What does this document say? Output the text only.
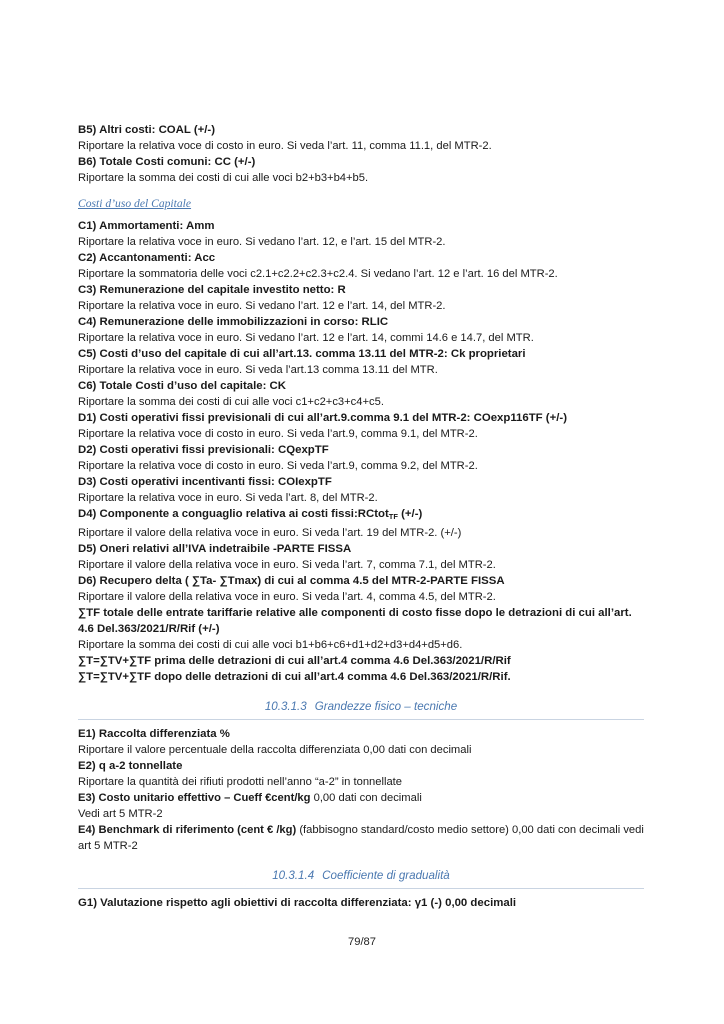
B5) Altri costi: COAL (+/-)
Riportare la relativa voce di costo in euro. Si veda l’art. 11, comma 11.1, del MTR-2.
B6) Totale Costi comuni: CC (+/-)
Riportare la somma dei costi di cui alle voci b2+b3+b4+b5.
Costi d’uso del Capitale
C1) Ammortamenti: Amm
Riportare la relativa voce in euro. Si vedano l’art. 12, e l’art. 15 del MTR-2.
C2) Accantonamenti: Acc
Riportare la sommatoria delle voci c2.1+c2.2+c2.3+c2.4. Si vedano l’art. 12 e l’art. 16 del MTR-2.
C3) Remunerazione del capitale investito netto: R
Riportare la relativa voce in euro. Si vedano l’art. 12 e l’art. 14, del MTR-2.
C4) Remunerazione delle immobilizzazioni in corso: RLIC
Riportare la relativa voce in euro. Si vedano l’art. 12 e l’art. 14, commi 14.6 e 14.7, del MTR.
C5) Costi d’uso del capitale di cui all’art.13. comma 13.11 del MTR-2: Ck proprietari
Riportare la relativa voce in euro. Si veda l’art.13 comma 13.11 del MTR.
C6) Totale Costi d’uso del capitale: CK
Riportare la somma dei costi di cui alle voci c1+c2+c3+c4+c5.
D1) Costi operativi fissi previsionali di cui all’art.9.comma 9.1 del MTR-2: COexp116TF (+/-)
Riportare la relativa voce di costo in euro. Si veda l’art.9, comma 9.1, del MTR-2.
D2) Costi operativi fissi previsionali: CQexpTF
Riportare la relativa voce di costo in euro. Si veda l’art.9, comma 9.2, del MTR-2.
D3) Costi operativi incentivanti fissi: COIexpTF
Riportare la relativa voce in euro. Si veda l’art. 8, del MTR-2.
D4) Componente a conguaglio relativa ai costi fissi:RCtot$_{TF}$ (+/-)
Riportare il valore della relativa voce in euro. Si veda l’art. 19 del MTR-2. (+/-)
D5) Oneri relativi all’IVA indetraibile -PARTE FISSA
Riportare il valore della relativa voce in euro. Si veda l’art. 7, comma 7.1, del MTR-2.
D6) Recupero delta ( ∑Ta- ∑Tmax) di cui al comma 4.5 del MTR-2-PARTE FISSA
Riportare il valore della relativa voce in euro. Si veda l’art. 4, comma 4.5, del MTR-2.
∑TF totale delle entrate tariffarie relative alle componenti di costo fisse dopo le detrazioni di cui all’art. 4.6 Del.363/2021/R/Rif (+/-)
Riportare la somma dei costi di cui alle voci b1+b6+c6+d1+d2+d3+d4+d5+d6.
∑T=∑TV+∑TF prima delle detrazioni di cui all’art.4 comma 4.6 Del.363/2021/R/Rif
∑T=∑TV+∑TF dopo delle detrazioni di cui all’art.4 comma 4.6 Del.363/2021/R/Rif.
10.3.1.3 Grandezze fisico – tecniche
E1) Raccolta differenziata %
Riportare il valore percentuale della raccolta differenziata 0,00 dati con decimali
E2) q a-2 tonnellate
Riportare la quantità dei rifiuti prodotti nell’anno “a-2” in tonnellate
E3) Costo unitario effettivo – Cueff €cent/kg 0,00 dati con decimali
Vedi art 5 MTR-2
E4) Benchmark di riferimento (cent € /kg) (fabbisogno standard/costo medio settore) 0,00 dati con decimali vedi art 5 MTR-2
10.3.1.4 Coefficiente di gradualità
G1) Valutazione rispetto agli obiettivi di raccolta differenziata: γ1 (-) 0,00 decimali
79/87
